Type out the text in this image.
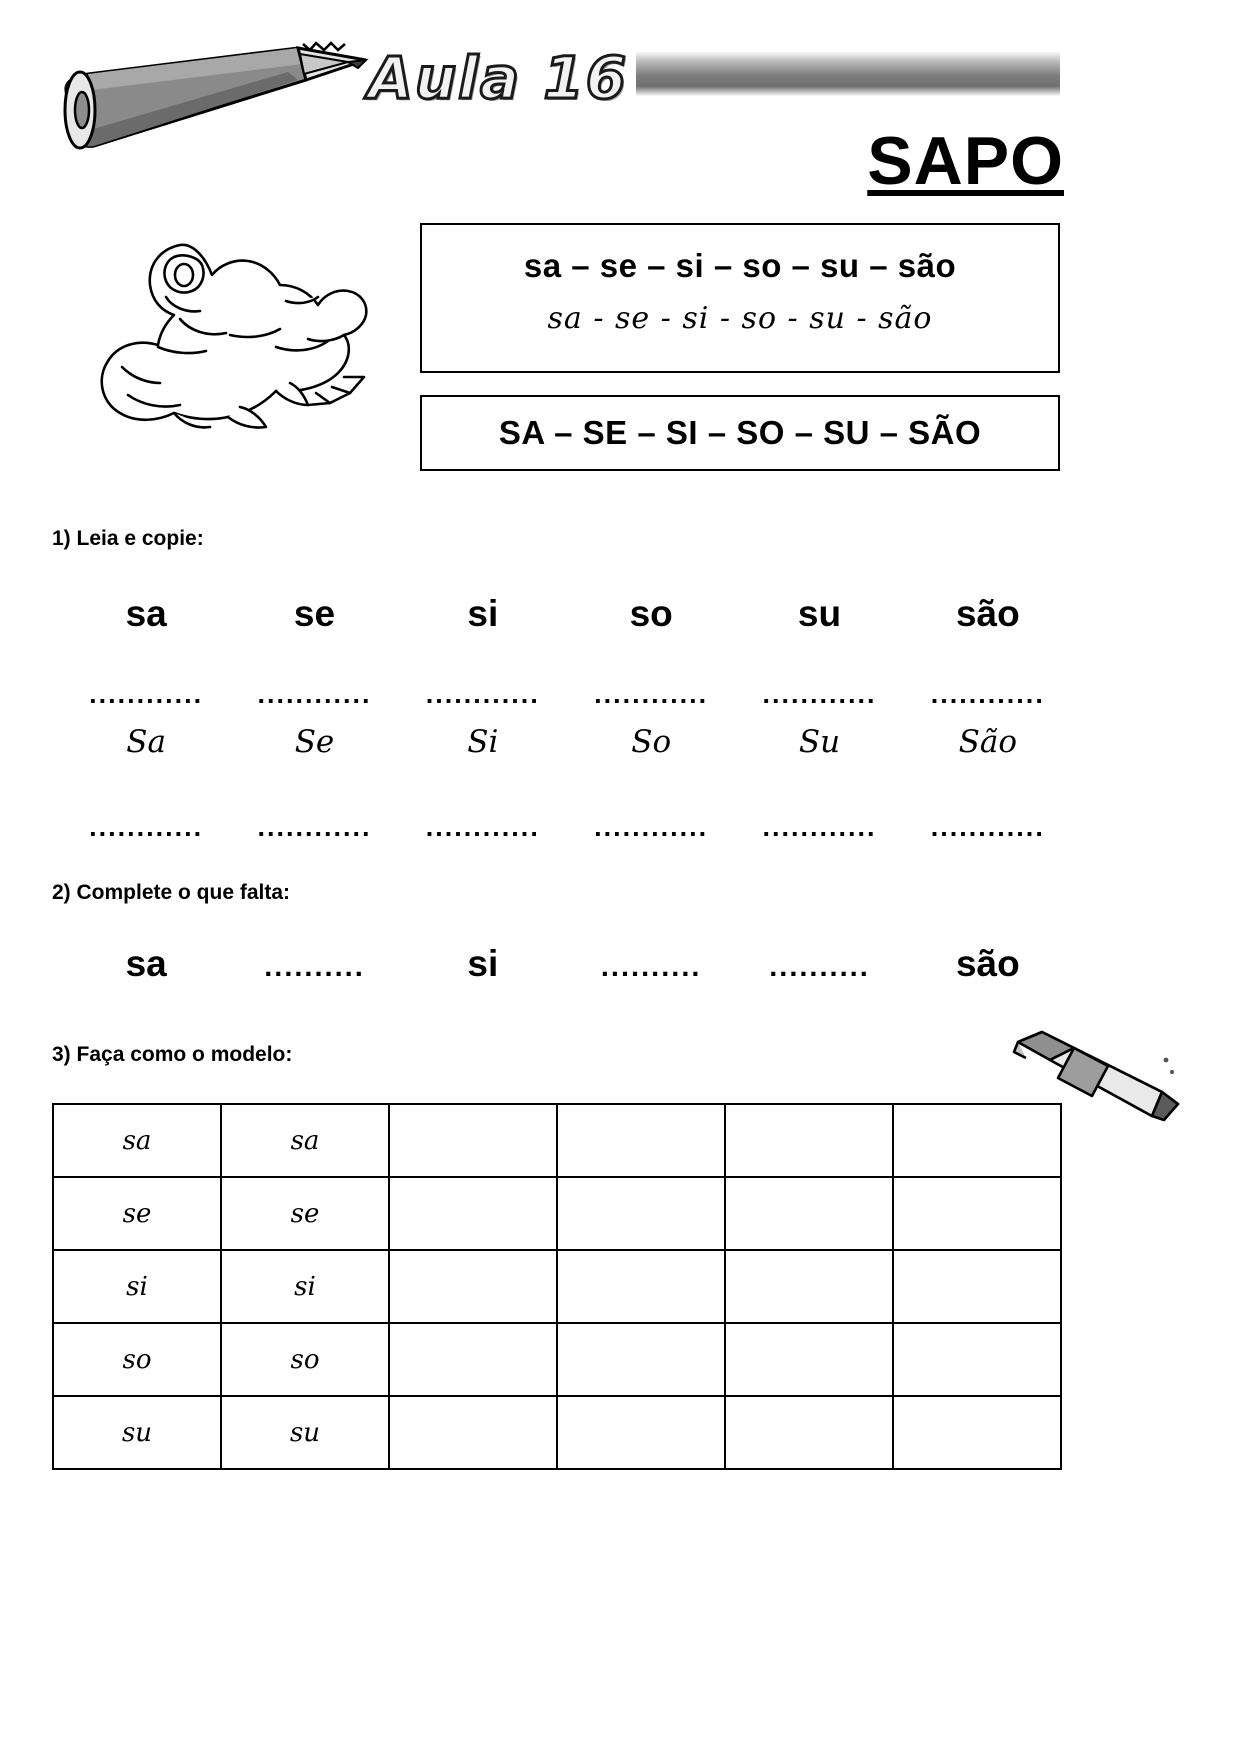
Aula 16
SAPO
sa – se – si – so – su – são
sa - se - si - so - su - são
SA – SE – SI – SO – SU – SÃO
1) Leia e copie:
sa	se	si	so	su	são
............	............	............	............	............	............
Sa	Se	Si	So	Su	São
............	............	............	............	............	............
2) Complete o que falta:
sa	..........	si	..........	..........	são
3) Faça como o modelo:
sa	sa				
se	se				
si	si				
so	so				
su	su				
